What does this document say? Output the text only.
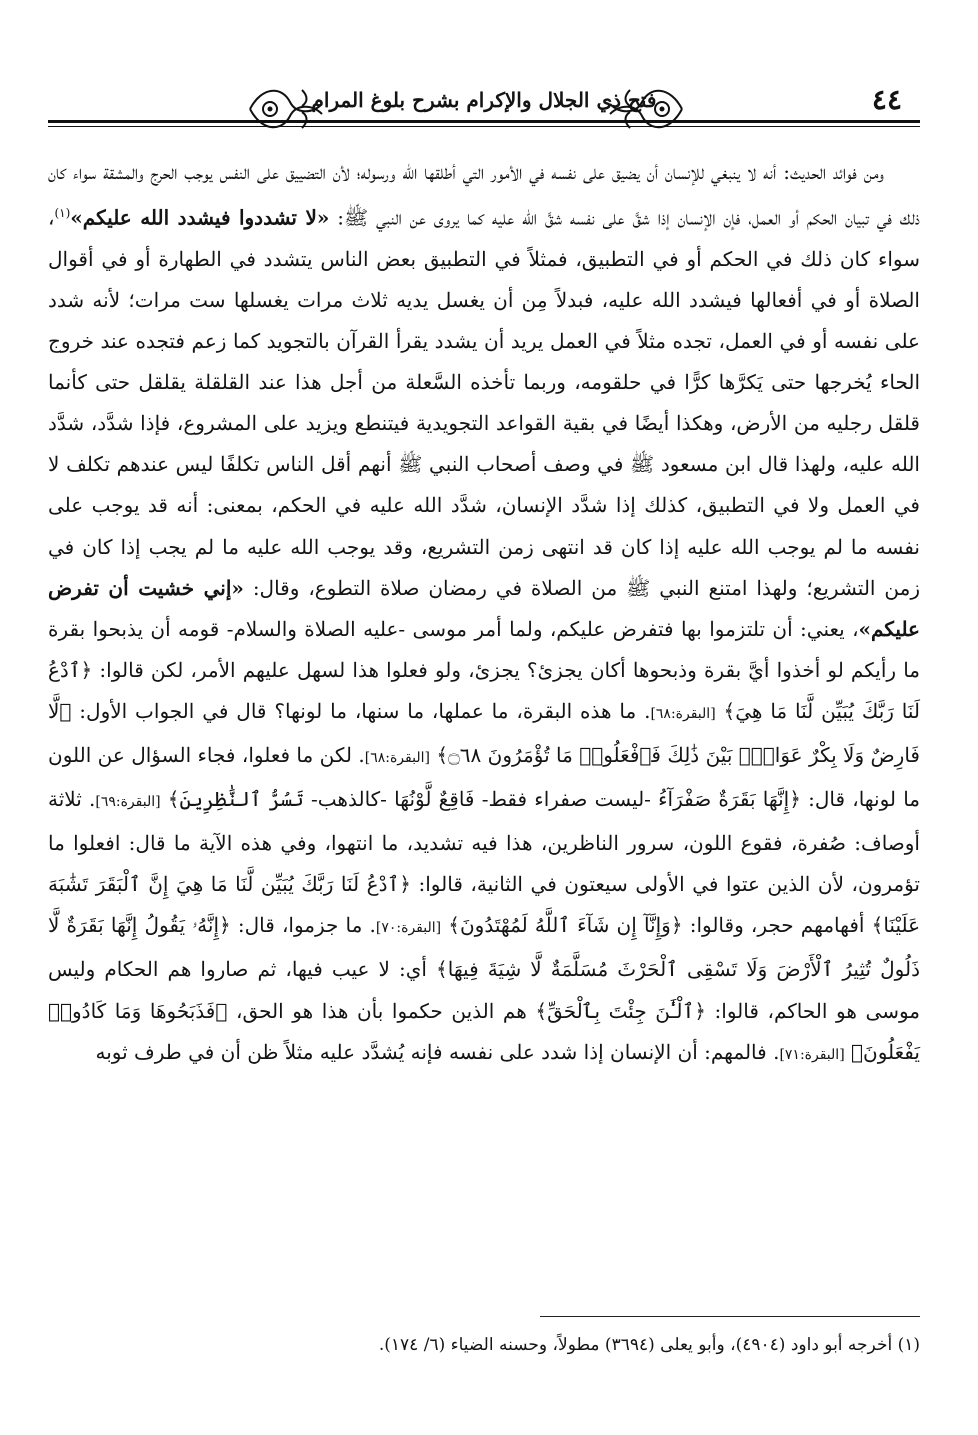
فتح ذي الجلال والإكرام بشرح بلوغ المرام	٤٤

ومن فوائد الحديث: أنه لا ينبغي للإنسان أن يضيق على نفسه في الأمور التي أطلقها الله ورسوله؛ لأن التضييق على النفس يوجب الحرج والمشقة سواء كان ذلك في تبيان الحكم أو العمل، فإن الإنسان إذا شقَّ على نفسه شقَّ الله عليه كما يروى عن النبي ﷺ: «لا تشددوا فيشدد الله عليكم»$^{(١)}$، سواء كان ذلك في الحكم أو في التطبيق، فمثلاً في التطبيق بعض الناس يتشدد في الطهارة أو في أقوال الصلاة أو في أفعالها فيشدد الله عليه، فبدلاً مِن أن يغسل يديه ثلاث مرات يغسلها ست مرات؛ لأنه شدد على نفسه أو في العمل، تجده مثلاً في العمل يريد أن يشدد يقرأ القرآن بالتجويد كما زعم فتجده عند خروج الحاء يُخرجها حتى يَكرَّها كرًّا في حلقومه، وربما تأخذه السَّعلة من أجل هذا عند القلقلة يقلقل حتى كأنما قلقل رجليه من الأرض، وهكذا أيضًا في بقية القواعد التجويدية فيتنطع ويزيد على المشروع، فإذا شدَّد، شدَّد الله عليه، ولهذا قال ابن مسعود ﷺ في وصف أصحاب النبي ﷺ أنهم أقل الناس تكلفًا ليس عندهم تكلف لا في العمل ولا في التطبيق، كذلك إذا شدَّد الإنسان، شدَّد الله عليه في الحكم، بمعنى: أنه قد يوجب على نفسه ما لم يوجب الله عليه إذا كان قد انتهى زمن التشريع، وقد يوجب الله عليه ما لم يجب إذا كان في زمن التشريع؛ ولهذا امتنع النبي ﷺ من الصلاة في رمضان صلاة التطوع، وقال: «إني خشيت أن تفرض عليكم»، يعني: أن تلتزموا بها فتفرض عليكم، ولما أمر موسى -عليه الصلاة والسلام- قومه أن يذبحوا بقرة ما رأيكم لو أخذوا أيَّ بقرة وذبحوها أكان يجزئ؟ يجزئ، ولو فعلوا هذا لسهل عليهم الأمر، لكن قالوا: ﴿ٱدْعُ لَنَا رَبَّكَ يُبَيِّن لَّنَا مَا هِيَ﴾ [البقرة:٦٨]. ما هذه البقرة، ما عملها، ما سنها، ما لونها؟ قال في الجواب الأول: ﴿لَّا فَارِضٌ وَلَا بِكْرٌ عَوَانٌۢ بَيْنَ ذَٰلِكَ فَٱفْعَلُوا۟ مَا تُؤْمَرُونَ ۝٦٨﴾ [البقرة:٦٨]. لكن ما فعلوا، فجاء السؤال عن اللون ما لونها، قال: ﴿إِنَّهَا بَقَرَةٌ صَفْرَآءُ -ليست صفراء فقط- فَاقِعٌ لَّوْنُهَا -كالذهب- تَسُرُّ ٱلنَّٰظِرِينَ﴾ [البقرة:٦٩]. ثلاثة أوصاف: صُفرة، فقوع اللون، سرور الناظرين، هذا فيه تشديد، ما انتهوا، وفي هذه الآية ما قال: افعلوا ما تؤمرون، لأن الذين عتوا في الأولى سيعتون في الثانية، قالوا: ﴿ٱدْعُ لَنَا رَبَّكَ يُبَيِّن لَّنَا مَا هِيَ إِنَّ ٱلْبَقَرَ تَشَٰبَهَ عَلَيْنَا﴾ أفهامهم حجر، وقالوا: ﴿وَإِنَّآ إِن شَآءَ ٱللَّهُ لَمُهْتَدُونَ﴾ [البقرة:٧٠]. ما جزموا، قال: ﴿إِنَّهُۥ يَقُولُ إِنَّهَا بَقَرَةٌ لَّا ذَلُولٌ تُثِيرُ ٱلْأَرْضَ وَلَا تَسْقِى ٱلْحَرْثَ مُسَلَّمَةٌ لَّا شِيَةَ فِيهَا﴾ أي: لا عيب فيها، ثم صاروا هم الحكام وليس موسى هو الحاكم، قالوا: ﴿ٱلْـَٰٔنَ جِئْتَ بِٱلْحَقِّ﴾ هم الذين حكموا بأن هذا هو الحق، ﴿فَذَبَحُوهَا وَمَا كَادُوا۟ يَفْعَلُونَ﴾ [البقرة:٧١]. فالمهم: أن الإنسان إذا شدد على نفسه فإنه يُشدَّد عليه مثلاً ظن أن في طرف ثوبه

(١) أخرجه أبو داود (٤٩٠٤)، وأبو يعلى (٣٦٩٤) مطولاً، وحسنه الضياء (٦/ ١٧٤).
